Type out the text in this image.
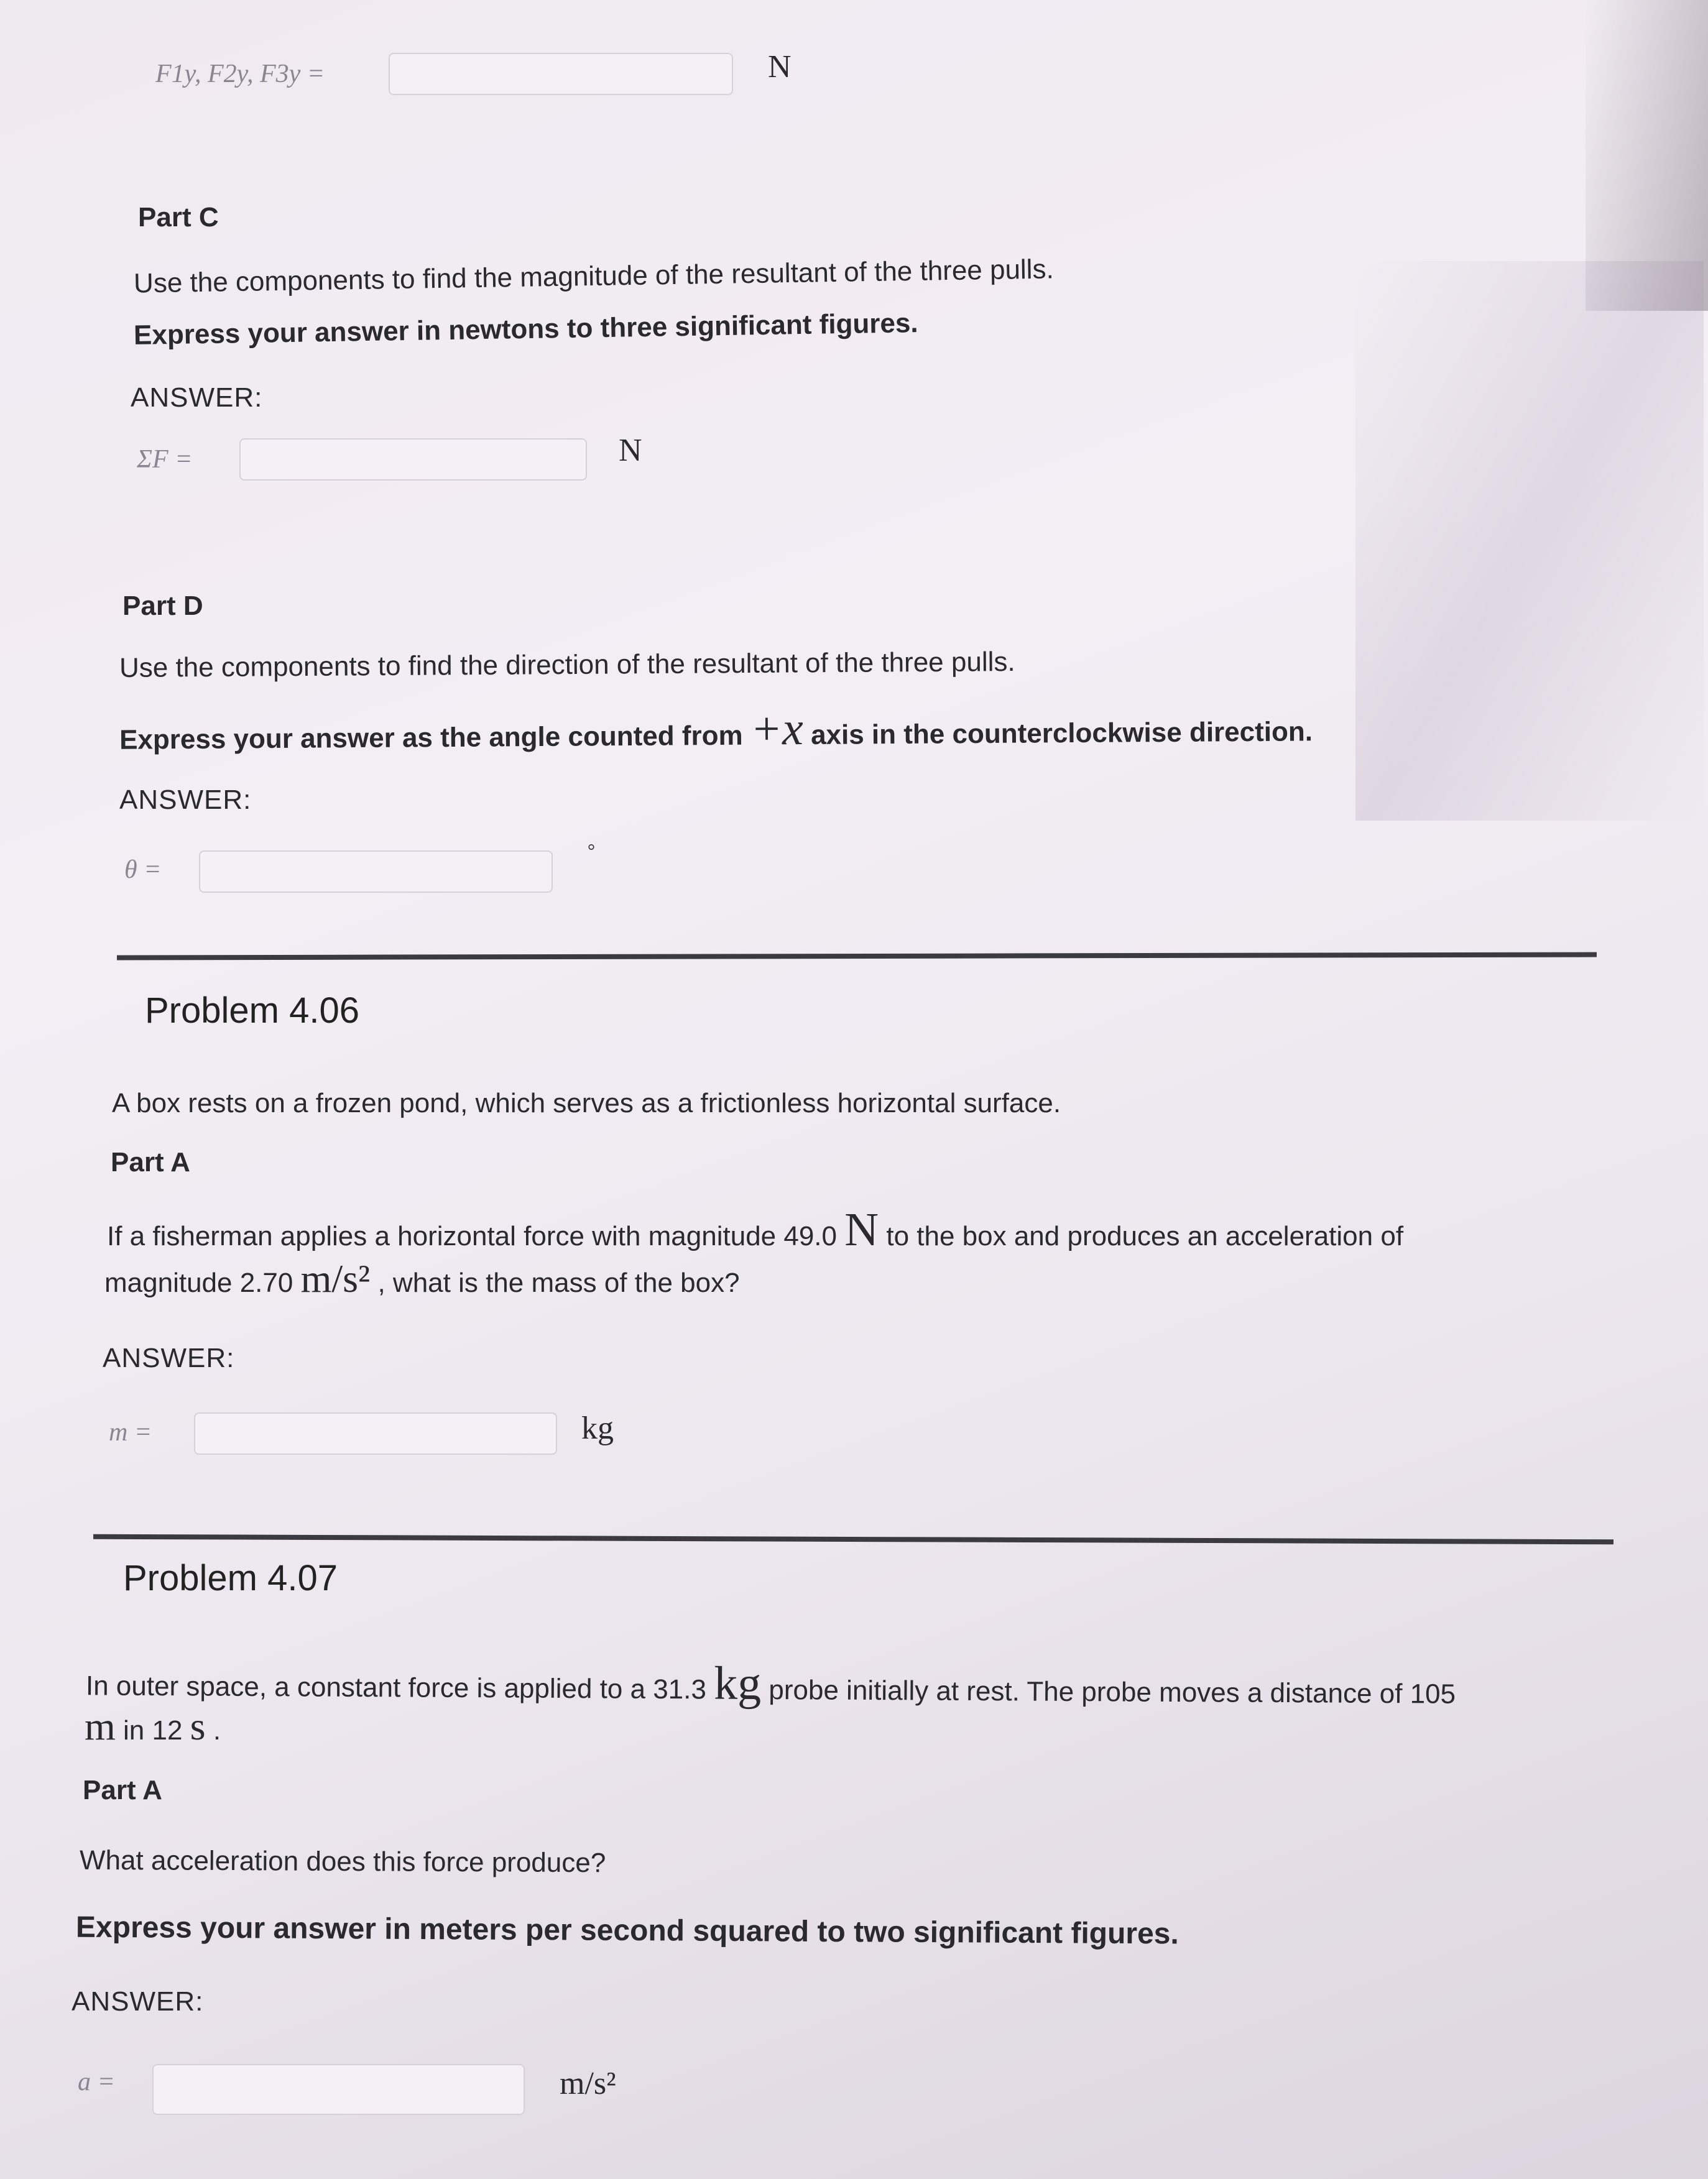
F1y, F2y, F3y =	N
Part C
Use the components to find the magnitude of the resultant of the three pulls.
Express your answer in newtons to three significant figures.
ANSWER:
ΣF =	N
Part D
Use the components to find the direction of the resultant of the three pulls.
Express your answer as the angle counted from +x axis in the counterclockwise direction.
ANSWER:
θ =
°
Problem 4.06
A box rests on a frozen pond, which serves as a frictionless horizontal surface.
Part A
If a fisherman applies a horizontal force with magnitude 49.0 N to the box and produces an acceleration of
magnitude 2.70 m/s² , what is the mass of the box?
ANSWER:
m =	kg
Problem 4.07
In outer space, a constant force is applied to a 31.3 kg probe initially at rest. The probe moves a distance of 105
m in 12 s .
Part A
What acceleration does this force produce?
Express your answer in meters per second squared to two significant figures.
ANSWER:
a =	m/s²
